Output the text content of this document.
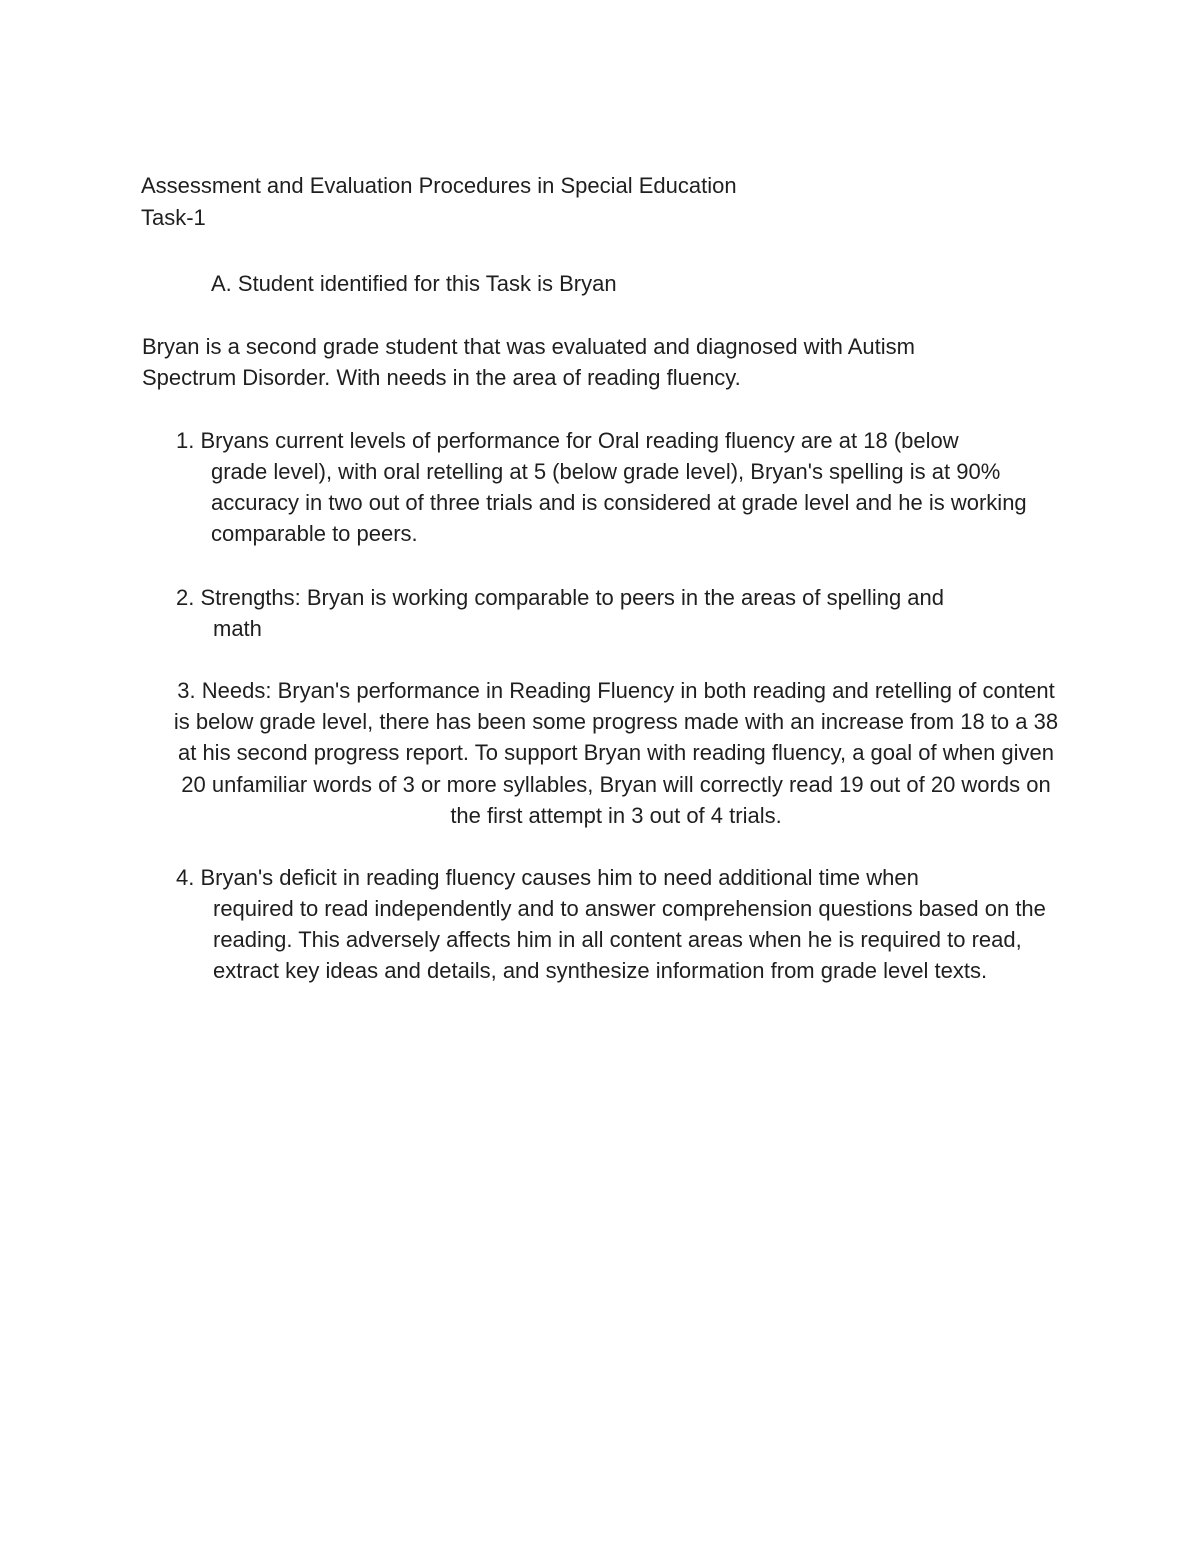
Assessment and Evaluation Procedures in Special Education

Task-1

A. Student identified for this Task is Bryan

Bryan is a second grade student that was evaluated and diagnosed with Autism Spectrum Disorder. With needs in the area of reading fluency.

1. Bryans current levels of performance for Oral reading fluency are at 18 (below

grade level), with oral retelling at 5 (below grade level), Bryan's spelling is at 90% accuracy in two out of three trials and is considered at grade level and he is working comparable to peers.

2. Strengths: Bryan is working comparable to peers in the areas of spelling and

math

3. Needs: Bryan's performance in Reading Fluency in both reading and retelling of content is below grade level, there has been some progress made with an increase from 18 to a 38 at his second progress report. To support Bryan with reading fluency, a goal of when given 20 unfamiliar words of 3 or more syllables, Bryan will correctly read 19 out of 20 words on the first attempt in 3 out of 4 trials.

4. Bryan's deficit in reading fluency causes him to need additional time when

required to read independently and to answer comprehension questions based on the reading. This adversely affects him in all content areas when he is required to read, extract key ideas and details, and synthesize information from grade level texts.
